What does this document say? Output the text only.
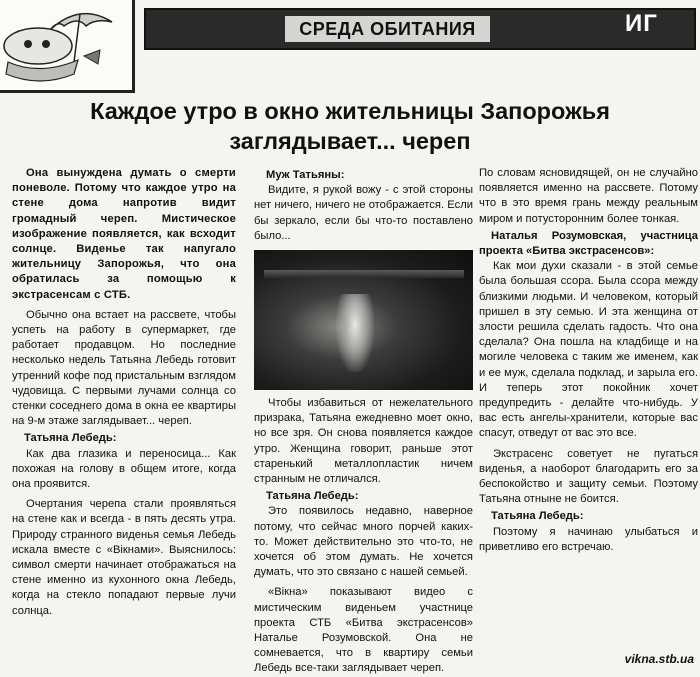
СРЕДА ОБИТАНИЯ	ИГ
Каждое утро в окно жительницы Запорожья
заглядывает... череп

Она вынуждена думать о смерти поневоле. Потому что каждое утро на стене дома напротив видит громадный череп. Мистическое изображение появляется, как всходит солнце. Виденье так напугало жительницу Запорожья, что она обратилась за помощью к экстрасенсам с СТБ.

Обычно она встает на рассвете, чтобы успеть на работу в супермаркет, где работает продавцом. Но последние несколько недель Татьяна Лебедь готовит утренний кофе под пристальным взглядом чудовища. С первыми лучами солнца со стенки соседнего дома в окна ее квартиры на 9-м этаже заглядывает... череп.

Татьяна Лебедь:

Как два глазика и переносица... Как похожая на голову в общем итоге, когда она проявится.

Очертания черепа стали проявляться на стене как и всегда - в пять десять утра. Природу странного виденья семья Лебедь искала вместе с «Вікнами». Выяснилось: символ смерти начинает отображаться на стене именно из кухонного окна Лебедь, когда на стекло попадают первые лучи солнца.

Муж Татьяны:

Видите, я рукой вожу - с этой стороны нет ничего, ничего не отображается. Если бы зеркало, если бы что-то поставлено было...

Чтобы избавиться от нежелательного призрака, Татьяна ежедневно моет окно, но все зря. Он снова появляется каждое утро. Женщина говорит, раньше этот старенький металлопластик ничем странным не отличался.

Татьяна Лебедь:

Это появилось недавно, наверное потому, что сейчас много порчей каких-то. Может действительно это что-то, не хочется об этом думать. Не хочется думать, что это связано с нашей семьей.

«Вікна» показывают видео с мистическим виденьем участнице проекта СТБ «Битва экстрасенсов» Наталье Розумовской. Она не сомневается, что в квартиру семьи Лебедь все-таки заглядывает череп.

По словам ясновидящей, он не случайно появляется именно на рассвете. Потому что в это время грань между реальным миром и потусторонним более тонкая.

Наталья Розумовская, участница проекта «Битва экстрасенсов»:

Как мои духи сказали - в этой семье была большая ссора. Была ссора между близкими людьми. И человеком, который пришел в эту семью. И эта женщина от злости решила сделать гадость. Что она сделала? Она пошла на кладбище и на могиле человека с таким же именем, как и ее муж, сделала подклад, и зарыла его. И теперь этот покойник хочет предупредить - делайте что-нибудь. У вас есть ангелы-хранители, которые вас спасут, отведут от вас это все.

Экстрасенс советует не пугаться виденья, а наоборот благодарить его за беспокойство и защиту семьи. Поэтому Татьяна отныне не боится.

Татьяна Лебедь:

Поэтому я начинаю улыбаться и приветливо его встречаю.

vikna.stb.ua
